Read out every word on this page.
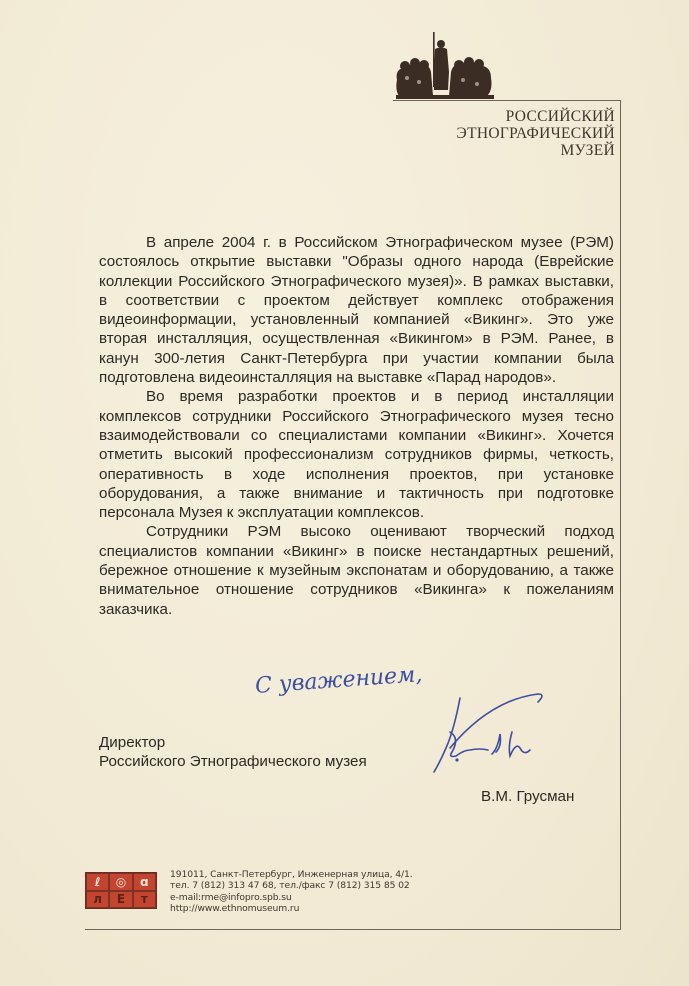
РОССИЙСКИЙ
ЭТНОГРАФИЧЕСКИЙ
МУЗЕЙ

В апреле 2004 г. в Российском Этнографическом музее (РЭМ) состоялось открытие выставки "Образы одного народа (Еврейские коллекции Российского Этнографического музея)». В рамках выставки, в соответствии с проектом действует комплекс отображения видеоинформации, установленный компанией «Викинг». Это уже вторая инсталляция, осуществленная «Викингом» в РЭМ. Ранее, в канун 300-летия Санкт-Петербурга при участии компании была подготовлена видеоинсталляция на выставке «Парад народов».

Во время разработки проектов и в период инсталляции комплексов сотрудники Российского Этнографического музея тесно взаимодействовали со специалистами компании «Викинг». Хочется отметить высокий профессионализм сотрудников фирмы, четкость, оперативность в ходе исполнения проектов, при установке оборудования, а также внимание и тактичность при подготовке персонала Музея к эксплуатации комплексов.

Сотрудники РЭМ высоко оценивают творческий подход специалистов компании «Викинг» в поиске нестандартных решений, бережное отношение к музейным экспонатам и оборудованию, а также внимательное отношение сотрудников «Викинга» к пожеланиям заказчика.

С уважением,
Директор
Российского Этнографического музея
В.М. Грусман
ℓ	◎	ɑ
л	Е	т
191011, Санкт-Петербург, Инженерная улица, 4/1.
тел. 7 (812) 313 47 68, тел./факс 7 (812) 315 85 02
e-mail:rme@infopro.spb.su
http://www.ethnomuseum.ru
